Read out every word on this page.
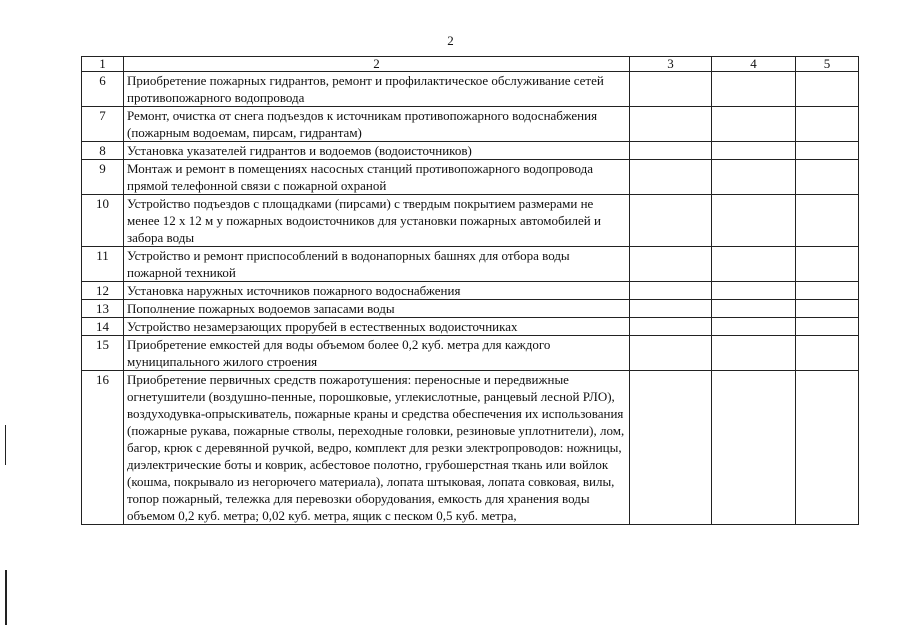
2
1	2	3	4	5
6	Приобретение пожарных гидрантов, ремонт и профилактическое обслуживание сетей противопожарного водопровода			
7	Ремонт, очистка от снега подъездов к источникам противопожарного водоснабжения (пожарным водоемам, пирсам, гидрантам)			
8	Установка указателей гидрантов и водоемов (водоисточников)			
9	Монтаж и ремонт в помещениях насосных станций противопожарного водопровода прямой телефонной связи с пожарной охраной			
10	Устройство подъездов с площадками (пирсами) с твердым покрытием размерами не менее 12 х 12 м у пожарных водоисточников для установки пожарных автомобилей и забора воды			
11	Устройство и ремонт приспособлений в водонапорных башнях для отбора воды пожарной техникой			
12	Установка наружных источников пожарного водоснабжения			
13	Пополнение пожарных водоемов запасами воды			
14	Устройство незамерзающих прорубей в естественных водоисточниках			
15	Приобретение емкостей для воды объемом более 0,2 куб. метра для каждого муниципального жилого строения			
16	Приобретение первичных средств пожаротушения: переносные и передвижные огнетушители (воздушно-пенные, порошковые, углекислотные, ранцевый лесной РЛО), воздуходувка-опрыскиватель, пожарные краны и средства обеспечения их использования (пожарные рукава, пожарные стволы, переходные головки, резиновые уплотнители), лом, багор, крюк с деревянной ручкой, ведро, комплект для резки электропроводов: ножницы, диэлектрические боты и коврик, асбестовое полотно, грубошерстная ткань или войлок (кошма, покрывало из негорючего материала), лопата штыковая, лопата совковая, вилы, топор пожарный, тележка для перевозки оборудования, емкость для хранения воды объемом 0,2 куб. метра; 0,02 куб. метра, ящик с песком 0,5 куб. метра,			
